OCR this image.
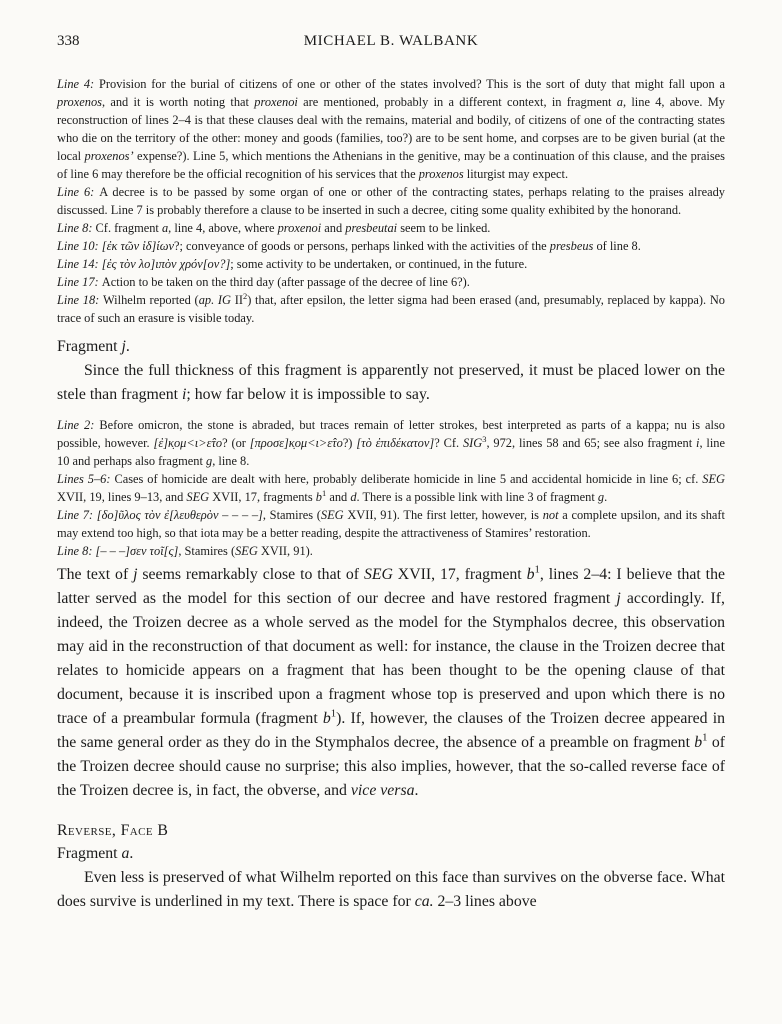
338	MICHAEL B. WALBANK

Line 4: Provision for the burial of citizens of one or other of the states involved? This is the sort of duty that might fall upon a proxenos, and it is worth noting that proxenoi are mentioned, probably in a different context, in fragment a, line 4, above. My reconstruction of lines 2–4 is that these clauses deal with the remains, material and bodily, of citizens of one of the contracting states who die on the territory of the other: money and goods (families, too?) are to be sent home, and corpses are to be given burial (at the local proxenos’ expense?). Line 5, which mentions the Athenians in the genitive, may be a continuation of this clause, and the praises of line 6 may therefore be the official recognition of his services that the proxenos liturgist may expect.

Line 6: A decree is to be passed by some organ of one or other of the contracting states, perhaps relating to the praises already discussed. Line 7 is probably therefore a clause to be inserted in such a decree, citing some quality exhibited by the honorand.

Line 8: Cf. fragment a, line 4, above, where proxenoi and presbeutai seem to be linked.

Line 10: [ἐκ τῶν ἰδ]ίων?; conveyance of goods or persons, perhaps linked with the activities of the presbeus of line 8.

Line 14: [ἐς τὸν λο]ιπὸν χρόν[ον?]; some activity to be undertaken, or continued, in the future.

Line 17: Action to be taken on the third day (after passage of the decree of line 6?).

Line 18: Wilhelm reported (ap. IG $II^2$) that, after epsilon, the letter sigma had been erased (and, presumably, replaced by kappa). No trace of such an erasure is visible today.

Fragment j.

Since the full thickness of this fragment is apparently not preserved, it must be placed lower on the stele than fragment i; how far below it is impossible to say.

Line 2: Before omicron, the stone is abraded, but traces remain of letter strokes, best interpreted as parts of a kappa; nu is also possible, however. [ἐ]κ̣ομ<ι>ε̂το? (or [προσε]κ̣ομ<ι>ε̂το?) [τὸ ἐπιδέκατον]? Cf. SIG$^3$, 972, lines 58 and 65; see also fragment i, line 10 and perhaps also fragment g, line 8.

Lines 5–6: Cases of homicide are dealt with here, probably deliberate homicide in line 5 and accidental homicide in line 6; cf. SEG XVII, 19, lines 9–13, and SEG XVII, 17, fragments $b^1$ and d. There is a possible link with line 3 of fragment g.

Line 7: [δο]ῦλος τὸν ἐ[λευθερὸν – – – –], Stamires (SEG XVII, 91). The first letter, however, is not a complete upsilon, and its shaft may extend too high, so that iota may be a better reading, despite the attractiveness of Stamires’ restoration.

Line 8: [– – –]σεν τοῖ[ς], Stamires (SEG XVII, 91).

The text of j seems remarkably close to that of SEG XVII, 17, fragment $b^1$, lines 2–4: I believe that the latter served as the model for this section of our decree and have restored fragment j accordingly. If, indeed, the Troizen decree as a whole served as the model for the Stymphalos decree, this observation may aid in the reconstruction of that document as well: for instance, the clause in the Troizen decree that relates to homicide appears on a fragment that has been thought to be the opening clause of that document, because it is inscribed upon a fragment whose top is preserved and upon which there is no trace of a preambular formula (fragment $b^1$). If, however, the clauses of the Troizen decree appeared in the same general order as they do in the Stymphalos decree, the absence of a preamble on fragment $b^1$ of the Troizen decree should cause no surprise; this also implies, however, that the so-called reverse face of the Troizen decree is, in fact, the obverse, and vice versa.

Reverse, Face B

Fragment a.

Even less is preserved of what Wilhelm reported on this face than survives on the obverse face. What does survive is underlined in my text. There is space for ca. 2–3 lines above
